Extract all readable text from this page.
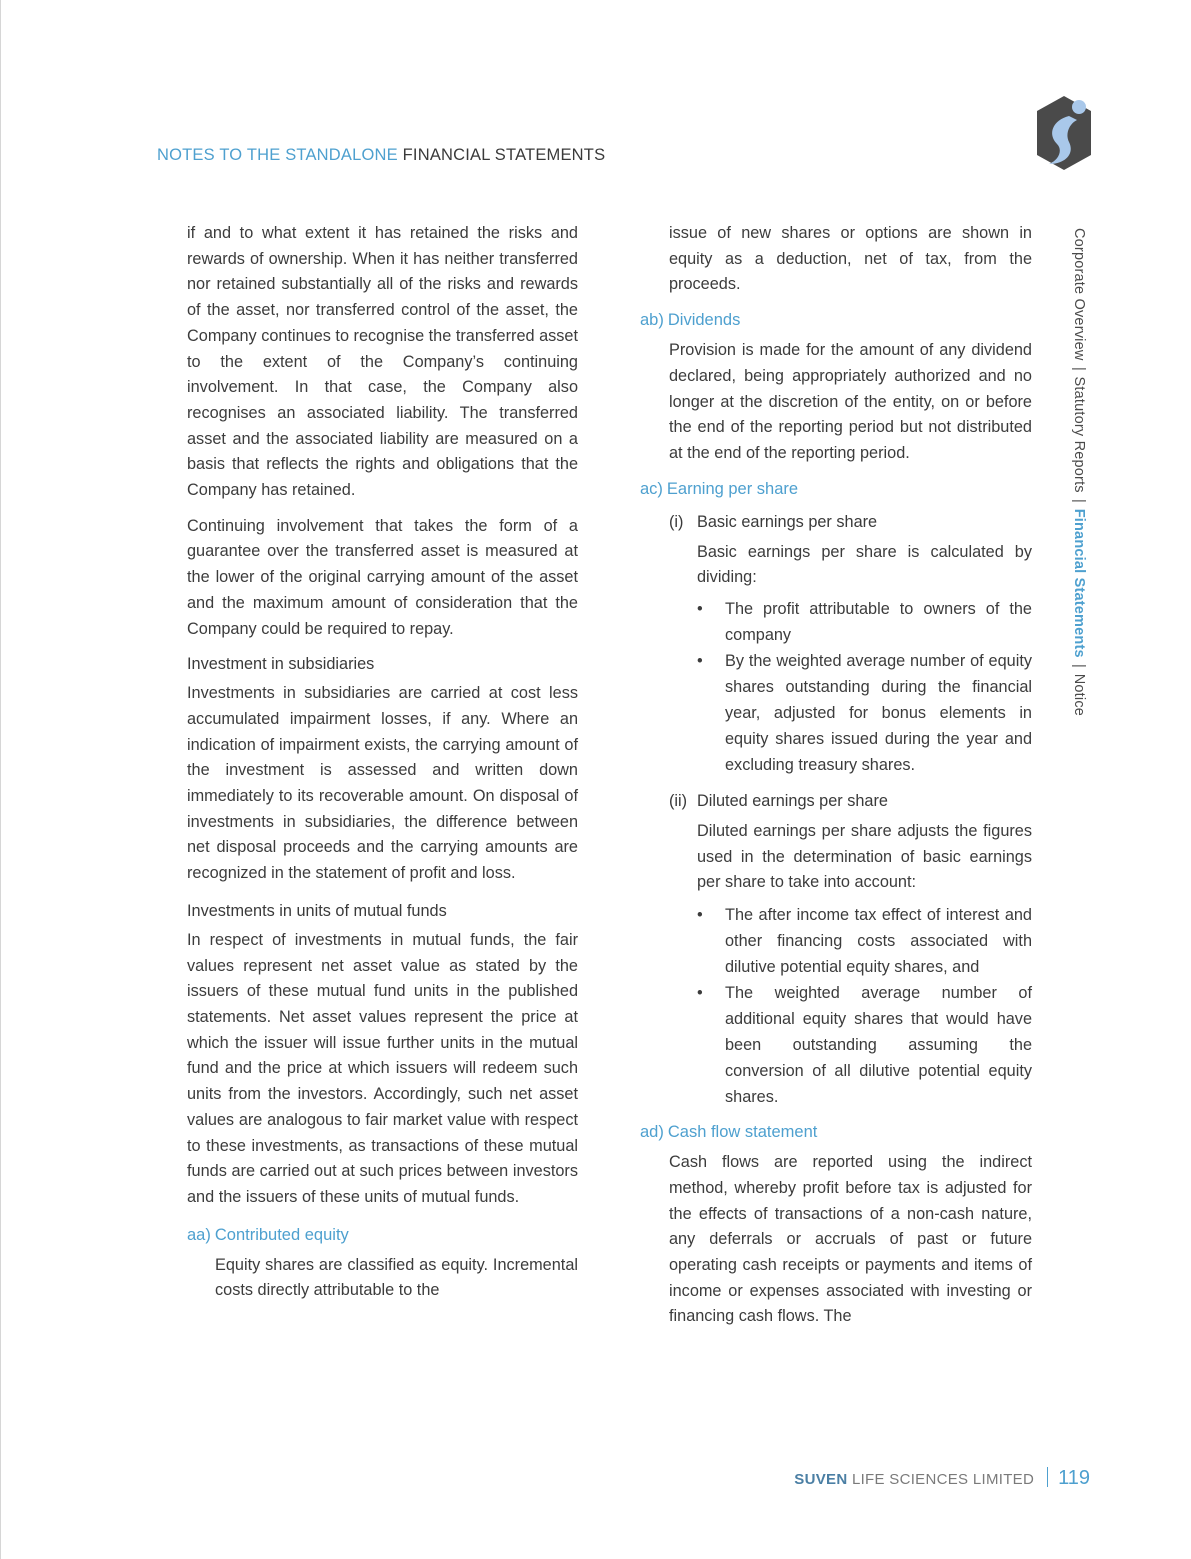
NOTES TO THE STANDALONE FINANCIAL STATEMENTS
Corporate Overview|Statutory Reports|Financial Statements|Notice

if and to what extent it has retained the risks and rewards of ownership. When it has neither transferred nor retained substantially all of the risks and rewards of the asset, nor transferred control of the asset, the Company continues to recognise the transferred asset to the extent of the Company’s continuing involvement. In that case, the Company also recognises an associated liability. The transferred asset and the associated liability are measured on a basis that reflects the rights and obligations that the Company has retained.

Continuing involvement that takes the form of a guarantee over the transferred asset is measured at the lower of the original carrying amount of the asset and the maximum amount of consideration that the Company could be required to repay.

Investment in subsidiaries

Investments in subsidiaries are carried at cost less accumulated impairment losses, if any. Where an indication of impairment exists, the carrying amount of the investment is assessed and written down immediately to its recoverable amount. On disposal of investments in subsidiaries, the difference between net disposal proceeds and the carrying amounts are recognized in the statement of profit and loss.

Investments in units of mutual funds

In respect of investments in mutual funds, the fair values represent net asset value as stated by the issuers of these mutual fund units in the published statements. Net asset values represent the price at which the issuer will issue further units in the mutual fund and the price at which issuers will redeem such units from the investors. Accordingly, such net asset values are analogous to fair market value with respect to these investments, as transactions of these mutual funds are carried out at such prices between investors and the issuers of these units of mutual funds.

aa) Contributed equity

Equity shares are classified as equity. Incremental costs directly attributable to the

issue of new shares or options are shown in equity as a deduction, net of tax, from the proceeds.

ab) Dividends

Provision is made for the amount of any dividend declared, being appropriately authorized and no longer at the discretion of the entity, on or before the end of the reporting period but not distributed at the end of the reporting period.

ac) Earning per share
(i) Basic earnings per share

Basic earnings per share is calculated by dividing:

• The profit attributable to owners of the company
• By the weighted average number of equity shares outstanding during the financial year, adjusted for bonus elements in equity shares issued during the year and excluding treasury shares.
(ii) Diluted earnings per share

Diluted earnings per share adjusts the figures used in the determination of basic earnings per share to take into account:

• The after income tax effect of interest and other financing costs associated with dilutive potential equity shares, and
• The weighted average number of additional equity shares that would have been outstanding assuming the conversion of all dilutive potential equity shares.
ad) Cash flow statement

Cash flows are reported using the indirect method, whereby profit before tax is adjusted for the effects of transactions of a non-cash nature, any deferrals or accruals of past or future operating cash receipts or payments and items of income or expenses associated with investing or financing cash flows. The

SUVEN LIFE SCIENCES LIMITED 119
